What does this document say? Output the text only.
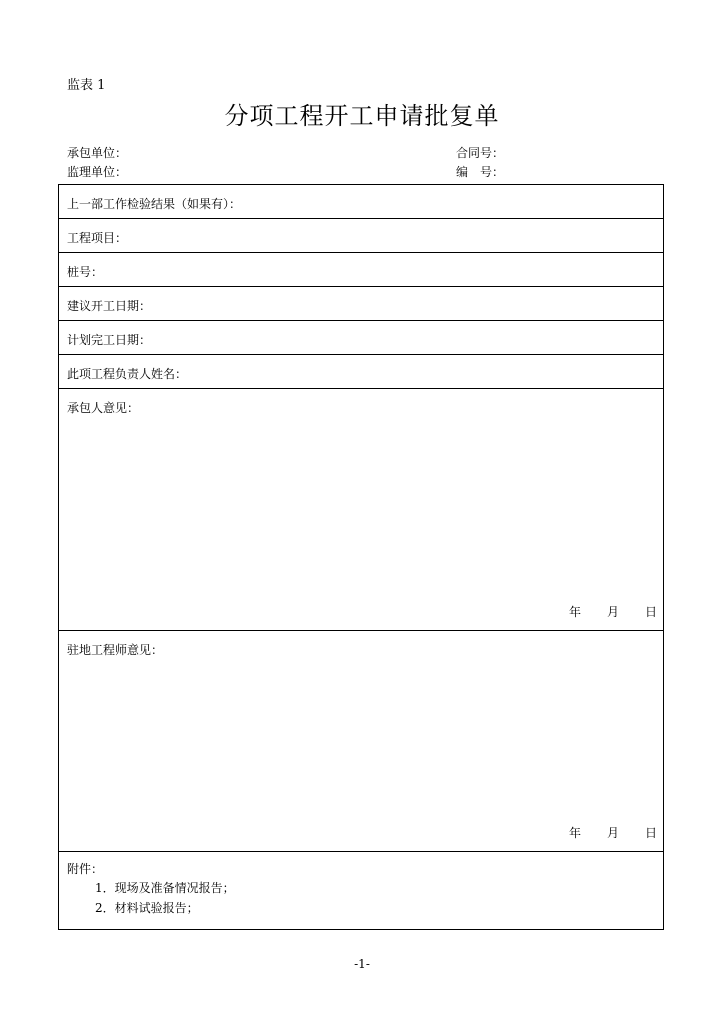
监表 1
分项工程开工申请批复单
承包单位：
监理单位：
合同号：
编　号：
上一部工作检验结果（如果有）：
工程项目：
桩号：
建议开工日期：
计划完工日期：
此项工程负责人姓名：
承包人意见：
年 月 日
驻地工程师意见：
年 月 日
附件：
1．现场及准备情况报告；
2．材料试验报告；
-1-
